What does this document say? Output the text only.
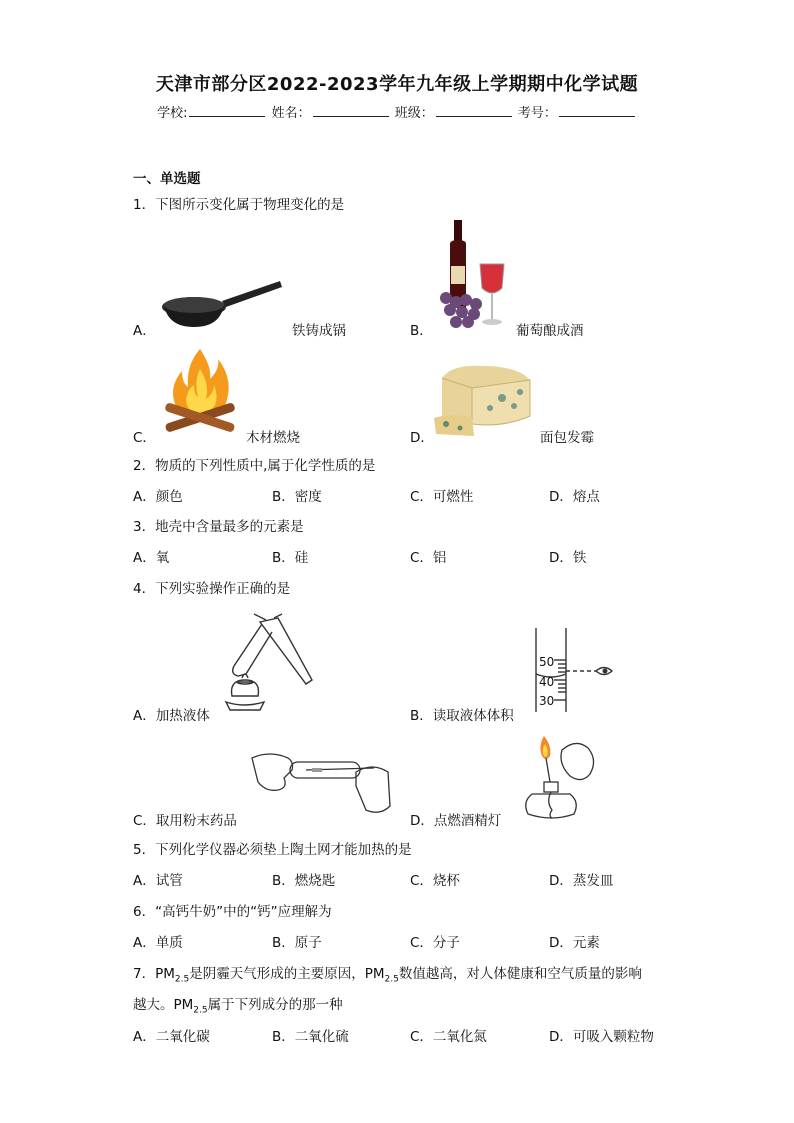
天津市部分区2022-2023学年九年级上学期期中化学试题
学校:	姓名：	班级：	考号：
一、单选题
1．下图所示变化属于物理变化的是
A．	铁铸成锅	B．	葡萄酿成酒
C．	木材燃烧	D．	面包发霉
2．物质的下列性质中,属于化学性质的是
A．颜色	B．密度	C．可燃性	D．熔点
3．地壳中含量最多的元素是
A．氧	B．硅	C．铝	D．铁
4．下列实验操作正确的是
A．加热液体
50
40
30
B．读取液体体积
C．取用粉末药品	D．点燃酒精灯
5．下列化学仪器必须垫上陶土网才能加热的是
A．试管	B．燃烧匙	C．烧杯	D．蒸发皿
6．“高钙牛奶”中的“钙”应理解为
A．单质	B．原子	C．分子	D．元素
7．$PM_{2.5}$是阴霾天气形成的主要原因，$PM_{2.5}$数值越高，对人体健康和空气质量的影响
越大。$PM_{2.5}$属于下列成分的那一种
A．二氧化碳	B．二氧化硫	C．二氧化氮	D．可吸入颗粒物
